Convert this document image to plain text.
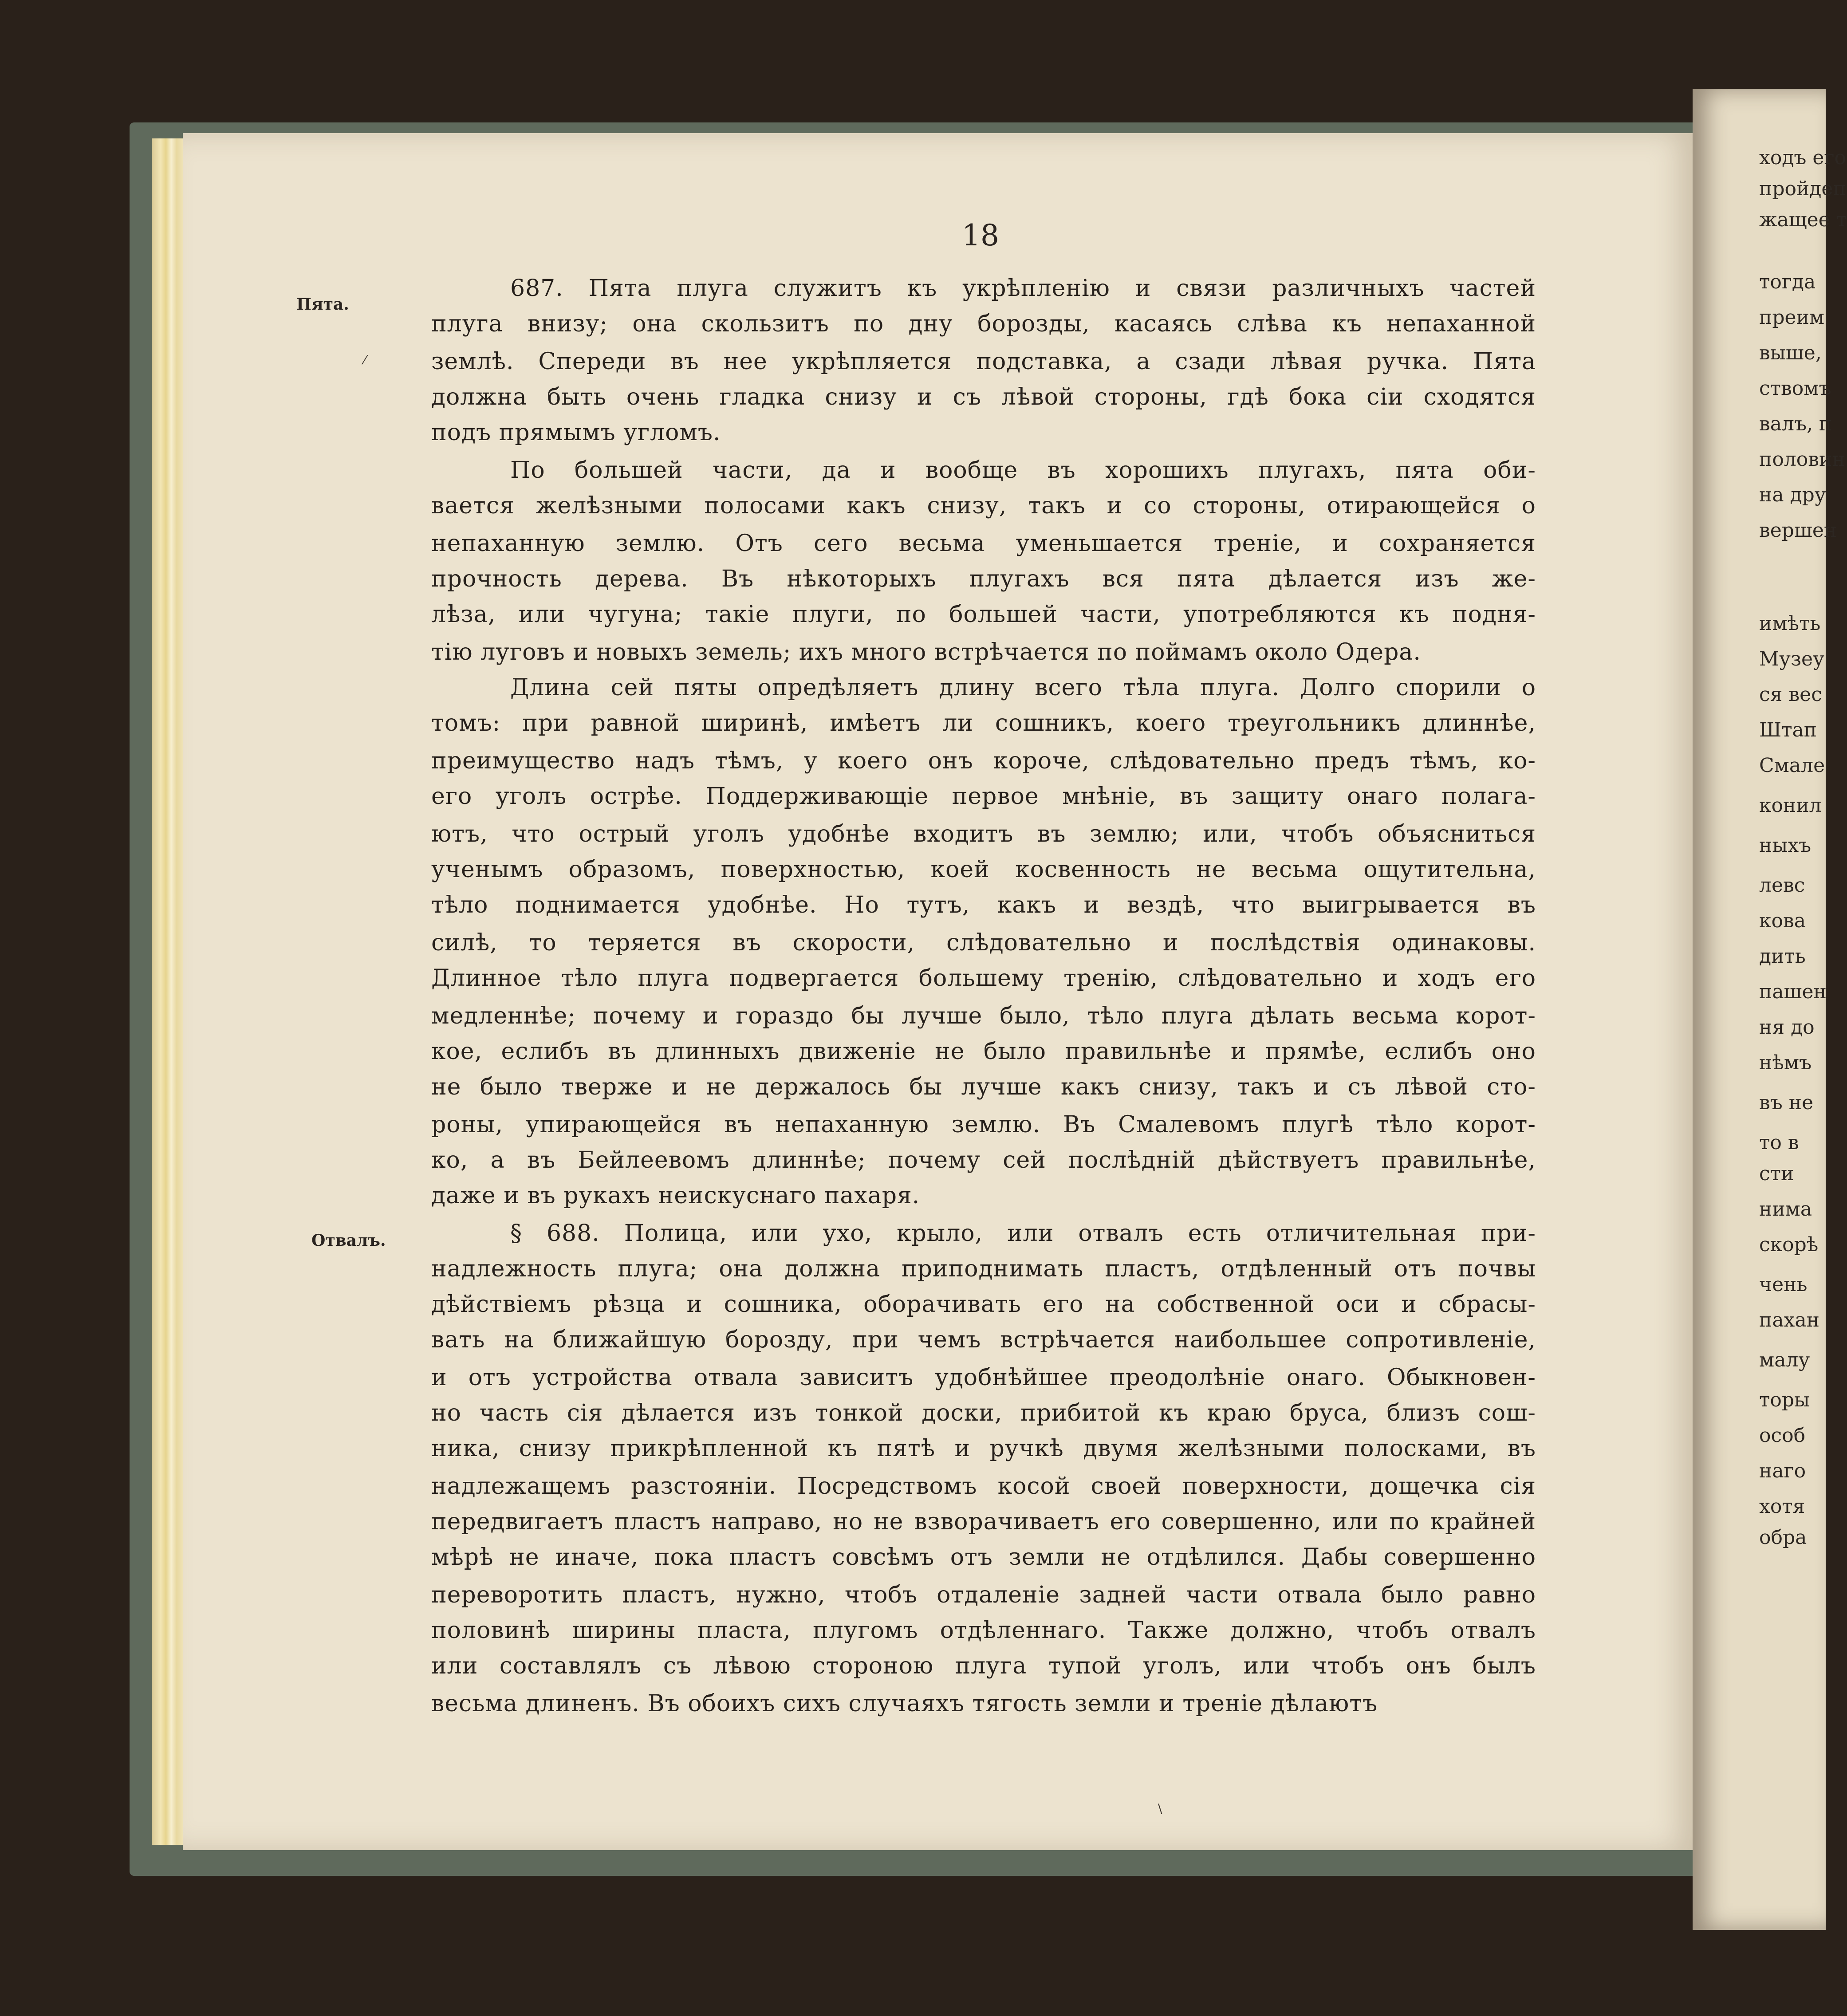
ходъ его
пройдеп
жащее т
тогда
преим
выше,
ствомъ
валъ, п
половин
на дру
вершен
имѣть
Музеу
ся вес
Штап
Смале
конил
ныхъ
левс
кова
дить
пашен
ня до
нѣмъ
въ не
то в
сти
нима
скорѣ
чень
пахан
малу
торы
особ
наго
хотя
обра
18
Пята.
Отвалъ.
687. Пята плуга служитъ къ укрѣпленію и связи различныхъ частей
плуга внизу; она скользитъ по дну борозды, касаясь слѣва къ непаханной
землѣ. Спереди въ нее укрѣпляется подставка, а сзади лѣвая ручка. Пята
должна быть очень гладка снизу и съ лѣвой стороны, гдѣ бока сіи сходятся
подъ прямымъ угломъ.
По большей части, да и вообще въ хорошихъ плугахъ, пята оби-
вается желѣзными полосами какъ снизу, такъ и со стороны, отирающейся о
непаханную землю. Отъ сего весьма уменьшается треніе, и сохраняется
прочность дерева. Въ нѣкоторыхъ плугахъ вся пята дѣлается изъ же-
лѣза, или чугуна; такіе плуги, по большей части, употребляются къ подня-
тію луговъ и новыхъ земель; ихъ много встрѣчается по поймамъ около Одера.
Длина сей пяты опредѣляетъ длину всего тѣла плуга. Долго спорили о
томъ: при равной ширинѣ, имѣетъ ли сошникъ, коего треугольникъ длиннѣе,
преимущество надъ тѣмъ, у коего онъ короче, слѣдовательно предъ тѣмъ, ко-
его уголъ острѣе. Поддерживающіе первое мнѣніе, въ защиту онаго полага-
ютъ, что острый уголъ удобнѣе входитъ въ землю; или, чтобъ объясниться
ученымъ образомъ, поверхностью, коей косвенность не весьма ощутительна,
тѣло поднимается удобнѣе. Но тутъ, какъ и вездѣ, что выигрывается въ
силѣ, то теряется въ скорости, слѣдовательно и послѣдствія одинаковы.
Длинное тѣло плуга подвергается большему тренію, слѣдовательно и ходъ его
медленнѣе; почему и гораздо бы лучше было, тѣло плуга дѣлать весьма корот-
кое, еслибъ въ длинныхъ движеніе не было правильнѣе и прямѣе, еслибъ оно
не было тверже и не держалось бы лучше какъ снизу, такъ и съ лѣвой сто-
роны, упирающейся въ непаханную землю. Въ Смалевомъ плугѣ тѣло корот-
ко, а въ Бейлеевомъ длиннѣе; почему сей послѣдній дѣйствуетъ правильнѣе,
даже и въ рукахъ неискуснаго пахаря.
§ 688. Полица, или ухо, крыло, или отвалъ есть отличительная при-
надлежность плуга; она должна приподнимать пластъ, отдѣленный отъ почвы
дѣйствіемъ рѣзца и сошника, оборачивать его на собственной оси и сбрасы-
вать на ближайшую борозду, при чемъ встрѣчается наибольшее сопротивленіе,
и отъ устройства отвала зависитъ удобнѣйшее преодолѣніе онаго. Обыкновен-
но часть сія дѣлается изъ тонкой доски, прибитой къ краю бруса, близъ сош-
ника, снизу прикрѣпленной къ пятѣ и ручкѣ двумя желѣзными полосками, въ
надлежащемъ разстояніи. Посредствомъ косой своей поверхности, дощечка сія
передвигаетъ пластъ направо, но не взворачиваетъ его совершенно, или по крайней
мѣрѣ не иначе, пока пластъ совсѣмъ отъ земли не отдѣлился. Дабы совершенно
переворотить пластъ, нужно, чтобъ отдаленіе задней части отвала было равно
половинѣ ширины пласта, плугомъ отдѣленнаго. Также должно, чтобъ отвалъ
или составлялъ съ лѣвою стороною плуга тупой уголъ, или чтобъ онъ былъ
весьма длиненъ. Въ обоихъ сихъ случаяхъ тягость земли и треніе дѣлаютъ
⁄
\
